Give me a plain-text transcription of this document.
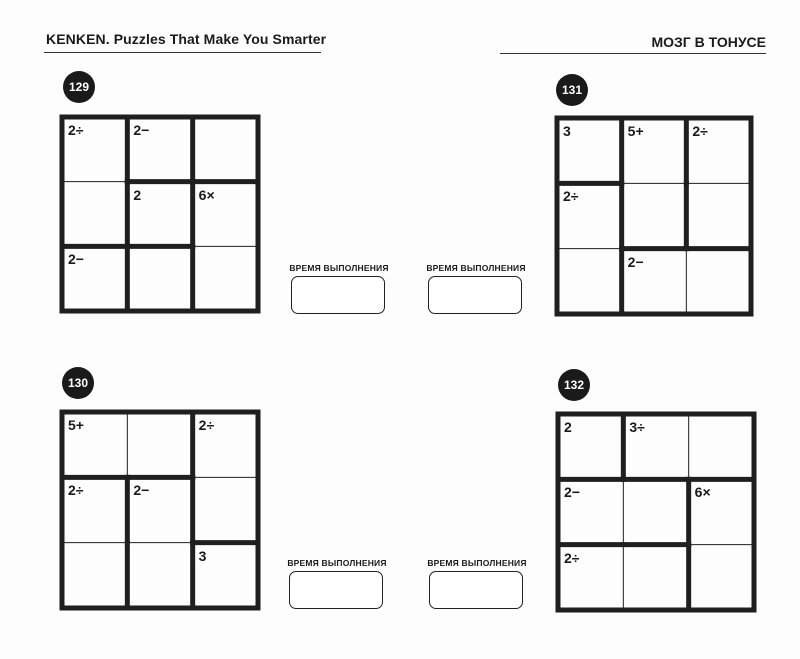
KENKEN. Puzzles That Make You Smarter	МОЗГ В ТОНУСЕ
129
2÷	2−
2	6×
2−
130
5+	2÷
2÷	2−
3
131
3	5+	2÷
2÷
2−
132
2	3÷
2−	6×
2÷
ВРЕМЯ ВЫПОЛНЕНИЯ	ВРЕМЯ ВЫПОЛНЕНИЯ
ВРЕМЯ ВЫПОЛНЕНИЯ	ВРЕМЯ ВЫПОЛНЕНИЯ
